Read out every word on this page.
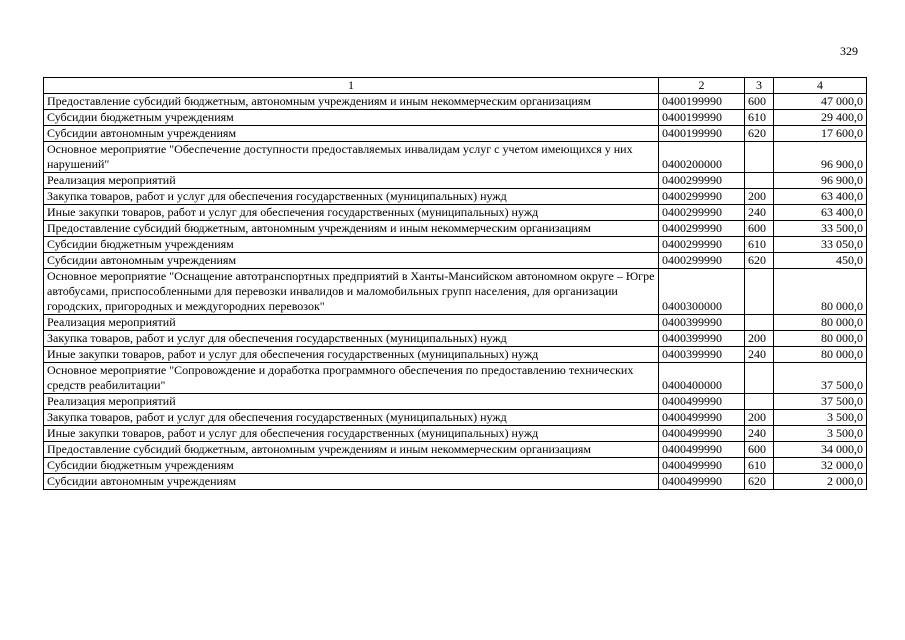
329
1	2	3	4
Предоставление субсидий бюджетным, автономным учреждениям и иным некоммерческим организациям	0400199990	600	47 000,0
Субсидии бюджетным учреждениям	0400199990	610	29 400,0
Субсидии автономным учреждениям	0400199990	620	17 600,0
Основное мероприятие "Обеспечение доступности предоставляемых инвалидам услуг с учетом имеющихся у них нарушений"	0400200000		96 900,0
Реализация мероприятий	0400299990		96 900,0
Закупка товаров, работ и услуг для обеспечения государственных (муниципальных) нужд	0400299990	200	63 400,0
Иные закупки товаров, работ и услуг для обеспечения государственных (муниципальных) нужд	0400299990	240	63 400,0
Предоставление субсидий бюджетным, автономным учреждениям и иным некоммерческим организациям	0400299990	600	33 500,0
Субсидии бюджетным учреждениям	0400299990	610	33 050,0
Субсидии автономным учреждениям	0400299990	620	450,0
Основное мероприятие "Оснащение автотранспортных предприятий в Ханты-Мансийском автономном округе – Югре автобусами, приспособленными для перевозки инвалидов и маломобильных групп населения, для организации городских, пригородных и междугородних перевозок"	0400300000		80 000,0
Реализация мероприятий	0400399990		80 000,0
Закупка товаров, работ и услуг для обеспечения государственных (муниципальных) нужд	0400399990	200	80 000,0
Иные закупки товаров, работ и услуг для обеспечения государственных (муниципальных) нужд	0400399990	240	80 000,0
Основное мероприятие "Сопровождение и доработка программного обеспечения по предоставлению технических средств реабилитации"	0400400000		37 500,0
Реализация мероприятий	0400499990		37 500,0
Закупка товаров, работ и услуг для обеспечения государственных (муниципальных) нужд	0400499990	200	3 500,0
Иные закупки товаров, работ и услуг для обеспечения государственных (муниципальных) нужд	0400499990	240	3 500,0
Предоставление субсидий бюджетным, автономным учреждениям и иным некоммерческим организациям	0400499990	600	34 000,0
Субсидии бюджетным учреждениям	0400499990	610	32 000,0
Субсидии автономным учреждениям	0400499990	620	2 000,0
